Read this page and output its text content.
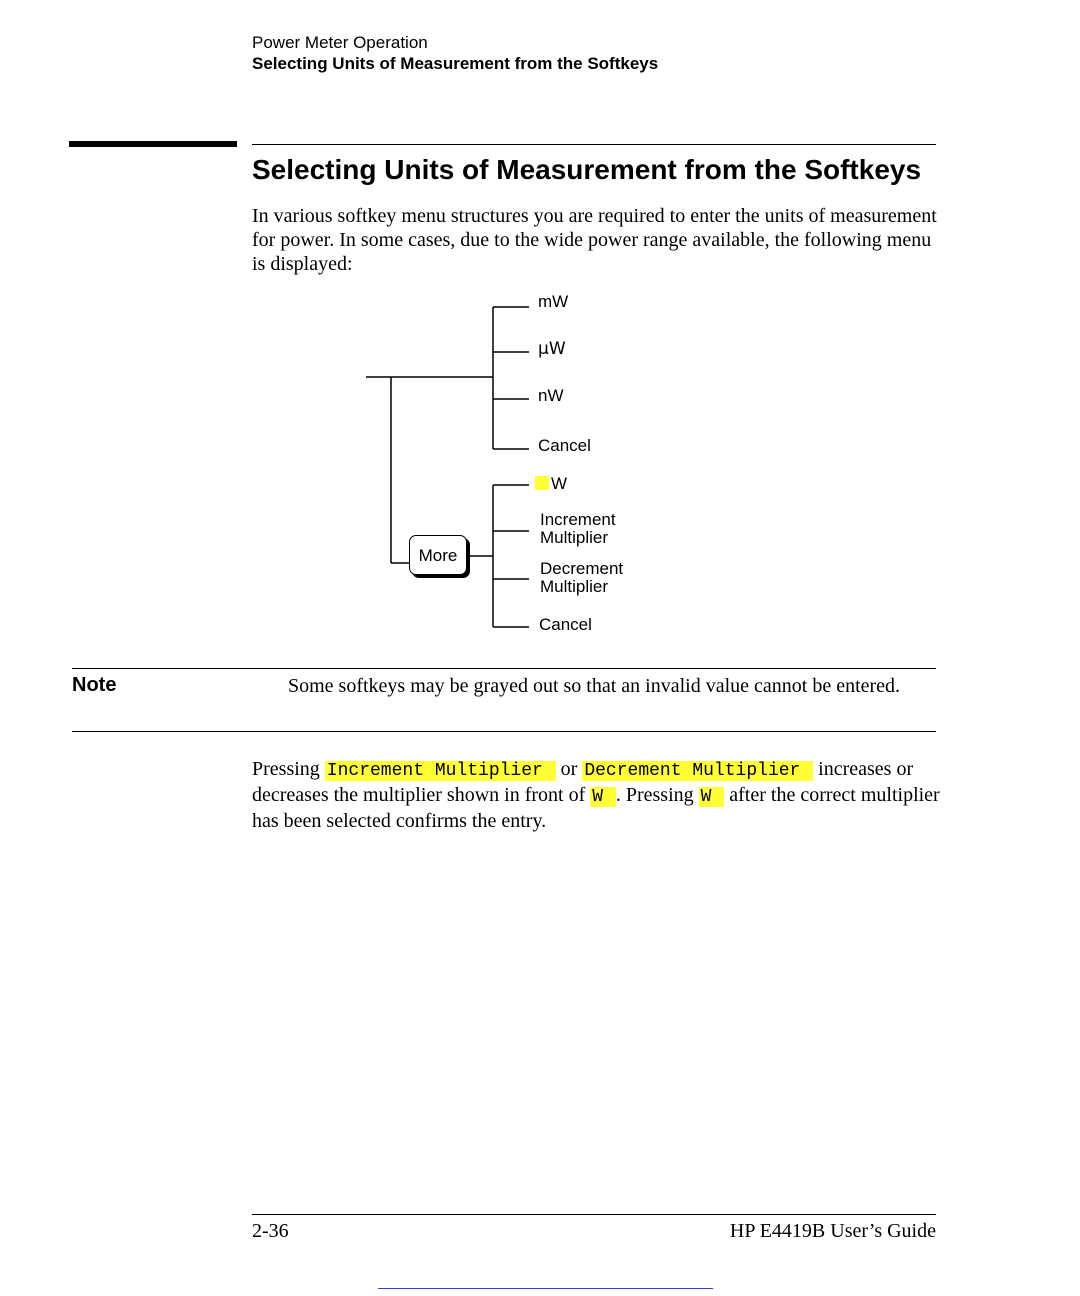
Power Meter Operation
Selecting Units of Measurement from the Softkeys
Selecting Units of Measurement from the Softkeys
In various softkey menu structures you are required to enter the units of measurement for power. In some cases, due to the wide power range available, the following menu is displayed:
mW
µW
nW
Cancel
More
W
Increment
Multiplier
Decrement
Multiplier
Cancel
Note	Some softkeys may be grayed out so that an invalid value cannot be entered.
Pressing Increment Multiplier  or Decrement Multiplier  increases or decreases the multiplier shown in front of W . Pressing W  after the correct multiplier has been selected confirms the entry.
2-36	HP E4419B User’s Guide
